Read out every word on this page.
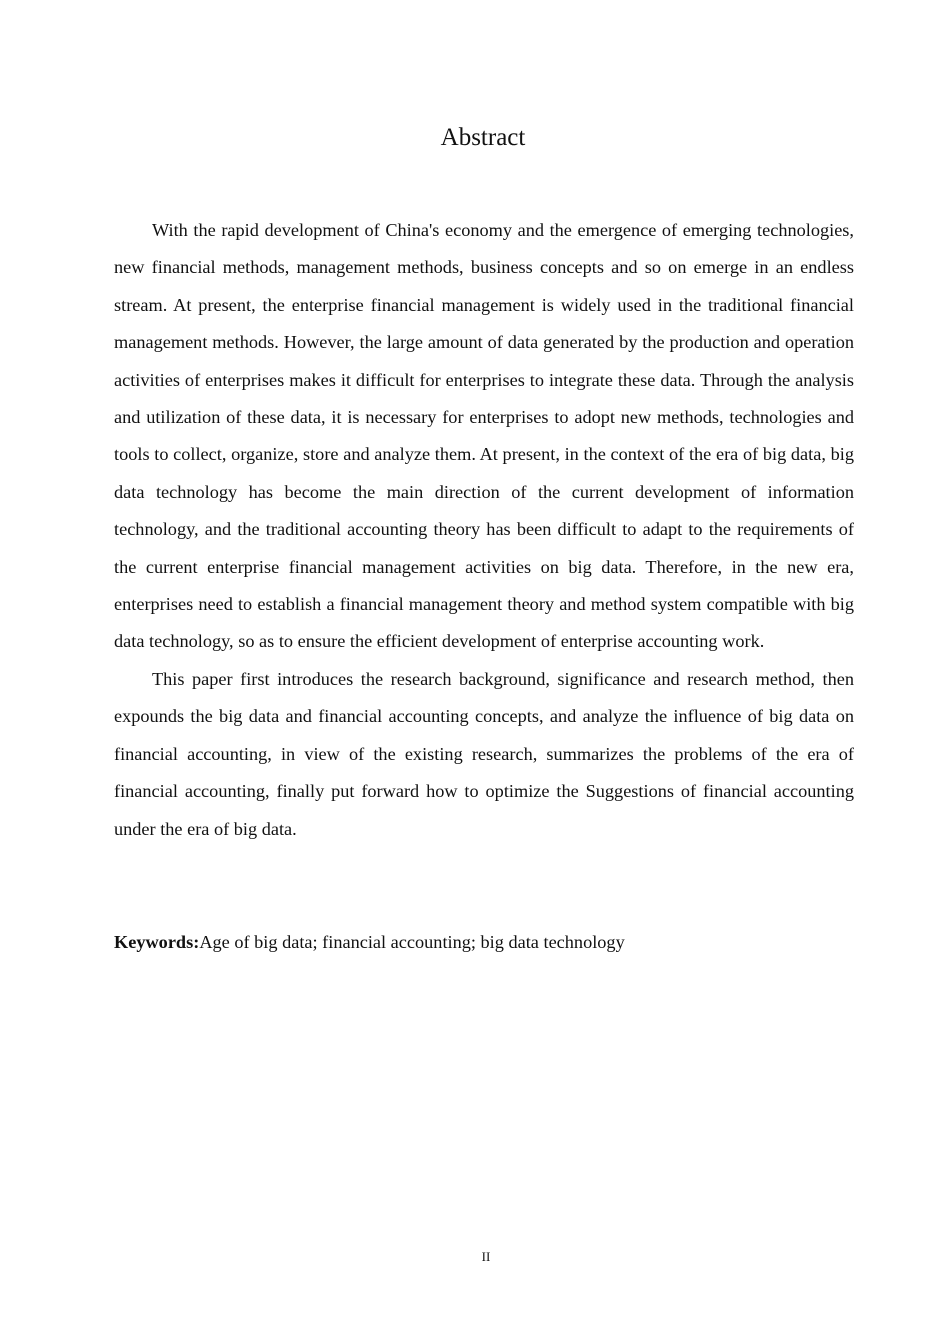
Abstract

With the rapid development of China's economy and the emergence of emerging technologies, new financial methods, management methods, business concepts and so on emerge in an endless stream. At present, the enterprise financial management is widely used in the traditional financial management methods. However, the large amount of data generated by the production and operation activities of enterprises makes it difficult for enterprises to integrate these data. Through the analysis and utilization of these data, it is necessary for enterprises to adopt new methods, technologies and tools to collect, organize, store and analyze them. At present, in the context of the era of big data, big data technology has become the main direction of the current development of information technology, and the traditional accounting theory has been difficult to adapt to the requirements of the current enterprise financial management activities on big data. Therefore, in the new era, enterprises need to establish a financial management theory and method system compatible with big data technology, so as to ensure the efficient development of enterprise accounting work.

This paper first introduces the research background, significance and research method, then expounds the big data and financial accounting concepts, and analyze the influence of big data on financial accounting, in view of the existing research, summarizes the problems of the era of financial accounting, finally put forward how to optimize the Suggestions of financial accounting under the era of big data.

Keywords:Age of big data; financial accounting; big data technology

II
